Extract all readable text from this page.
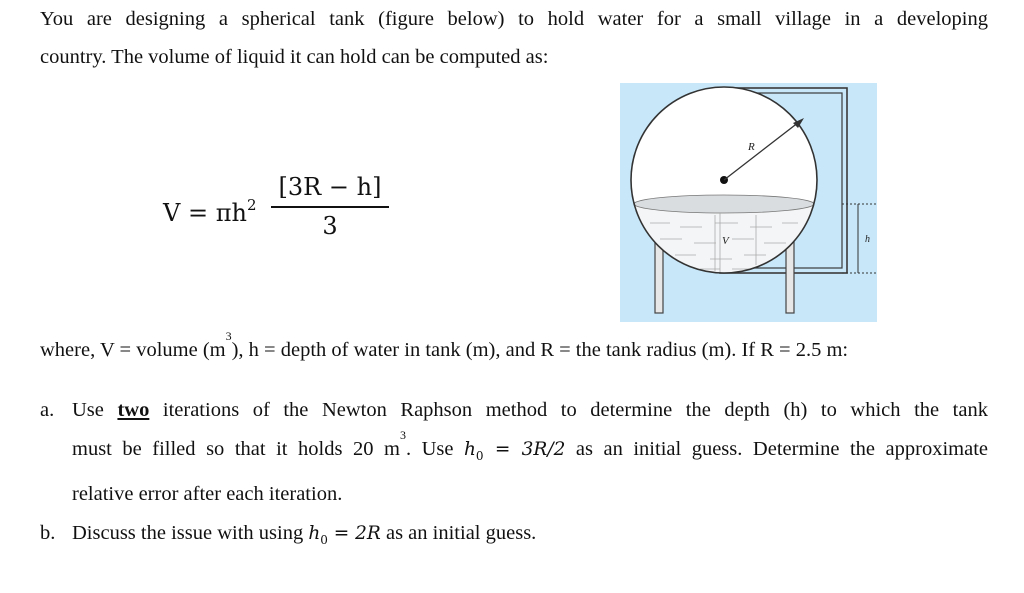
You are designing a spherical tank (figure below) to hold water for a small village in a developing
country. The volume of liquid it can hold can be computed as:
$V = \pi h^2$
[3R − h]
3
R
V	h
where, V = volume $(m^3)$, h = depth of water in tank (m), and R = the tank radius (m). If R = 2.5 m:
a. Use two iterations of the Newton Raphson method to determine the depth (h) to which the tank
must be filled so that it holds 20 $m^3$. Use $h_0 = 3R/2$ as an initial guess. Determine the approximate
relative error after each iteration.
b. Discuss the issue with using $h_0 = 2R$ as an initial guess.
